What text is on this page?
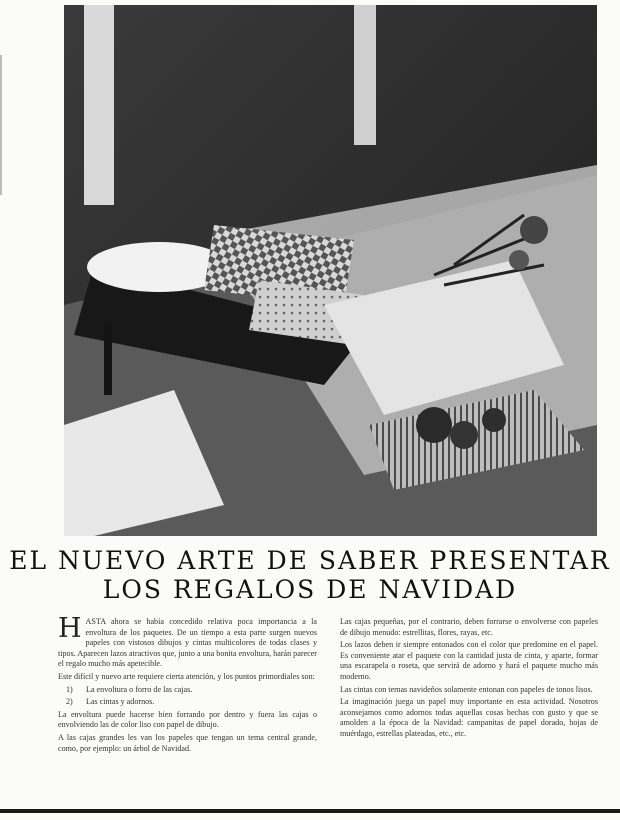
EL NUEVO ARTE DE SABER PRESENTAR
LOS REGALOS DE NAVIDAD

HASTA ahora se había concedido relativa poca importancia a la envoltura de los paquetes. De un tiempo a esta parte surgen nuevos papeles con vistosos dibujos y cintas multicolores de todas clases y tipos. Aparecen lazos atractivos que, junto a una bonita envoltura, harán parecer el regalo mucho más apetecible.

Este difícil y nuevo arte requiere cierta atención, y los puntos primordiales son:

1) La envoltura o forro de las cajas.

2) Las cintas y adornos.

La envoltura puede hacerse bien forrando por dentro y fuera las cajas o envolviendo las de color liso con papel de dibujo.

A las cajas grandes les van los papeles que tengan un tema central grande, como, por ejemplo: un árbol de Navidad.

Las cajas pequeñas, por el contrario, deben forrarse o envolverse con papeles de dibujo menudo: estrellitas, flores, rayas, etc.

Los lazos deben ir siempre entonados con el color que predomine en el papel. Es conveniente atar el paquete con la cantidad justa de cinta, y aparte, formar una escarapela o roseta, que servirá de adorno y hará el paquete mucho más moderno.

Las cintas con temas navideños solamente entonan con papeles de tonos lisos.

La imaginación juega un papel muy importante en esta actividad. Nosotros aconsejamos como adornos todas aquellas cosas hechas con gusto y que se amolden a la época de la Navidad: campanitas de papel dorado, hojas de muérdago, estrellas plateadas, etc., etc.
